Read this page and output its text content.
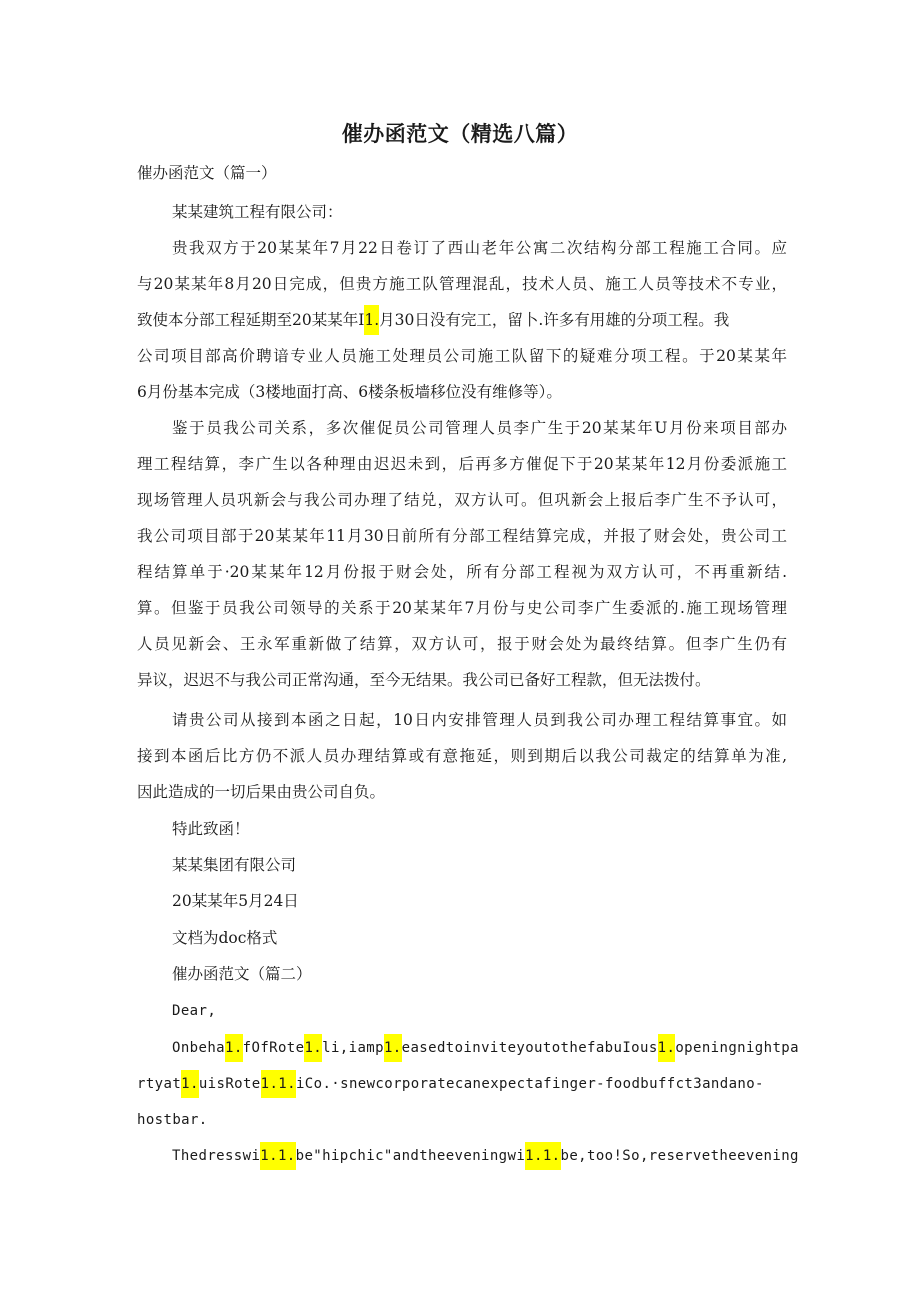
催办函范文（精选八篇）
催办函范文（篇一）
某某建筑工程有限公司：
贵我双方于20某某年7月22日卷订了西山老年公寓二次结构分部工程施工合同。应
与20某某年8月20日完成，但贵方施工队管理混乱，技术人员、施工人员等技术不专业，
致使本分部工程延期至20某某年I1.月30日没有完工，留卜.许多有用雄的分项工程。我
公司项目部高价聘谙专业人员施工处理员公司施工队留下的疑难分项工程。于20某某年
6月份基本完成（3楼地面打高、6楼条板墙移位没有维修等）。
鉴于员我公司关系，多次催促员公司管理人员李广生于20某某年U月份来项目部办
理工程结算，李广生以各种理由迟迟未到，后再多方催促下于20某某年12月份委派施工
现场管理人员巩新会与我公司办理了结兑，双方认可。但巩新会上报后李广生不予认可，
我公司项目部于20某某年11月30日前所有分部工程结算完成，并报了财会处，贵公司工
程结算单于·20某某年12月份报于财会处，所有分部工程视为双方认可，不再重新结.
算。但鉴于员我公司领导的关系于20某某年7月份与史公司李广生委派的.施工现场管理
人员见新会、王永军重新做了结算，双方认可，报于财会处为最终结算。但李广生仍有
异议，迟迟不与我公司正常沟通，至今无结果。我公司已备好工程款，但无法拨付。
请贵公司从接到本函之日起，10日内安排管理人员到我公司办理工程结算事宜。如
接到本函后比方仍不派人员办理结算或有意拖延，则到期后以我公司裁定的结算单为准,
因此造成的一切后果由贵公司自负。
特此致函！
某某集团有限公司
20某某年5月24日
文档为doc格式
催办函范文（篇二）
Dear,
Onbeha1.fOfRote1.li,iamp1.easedtoinviteyoutothefabuIous1.openingnightpa
rtyat1.uisRote1.1.iCo.·snewcorporatecanexpectafinger-foodbuffct3andano-
hostbar.
Thedresswi1.1.be"hipchic"andtheeveningwi1.1.be,too!So,reservetheevening
